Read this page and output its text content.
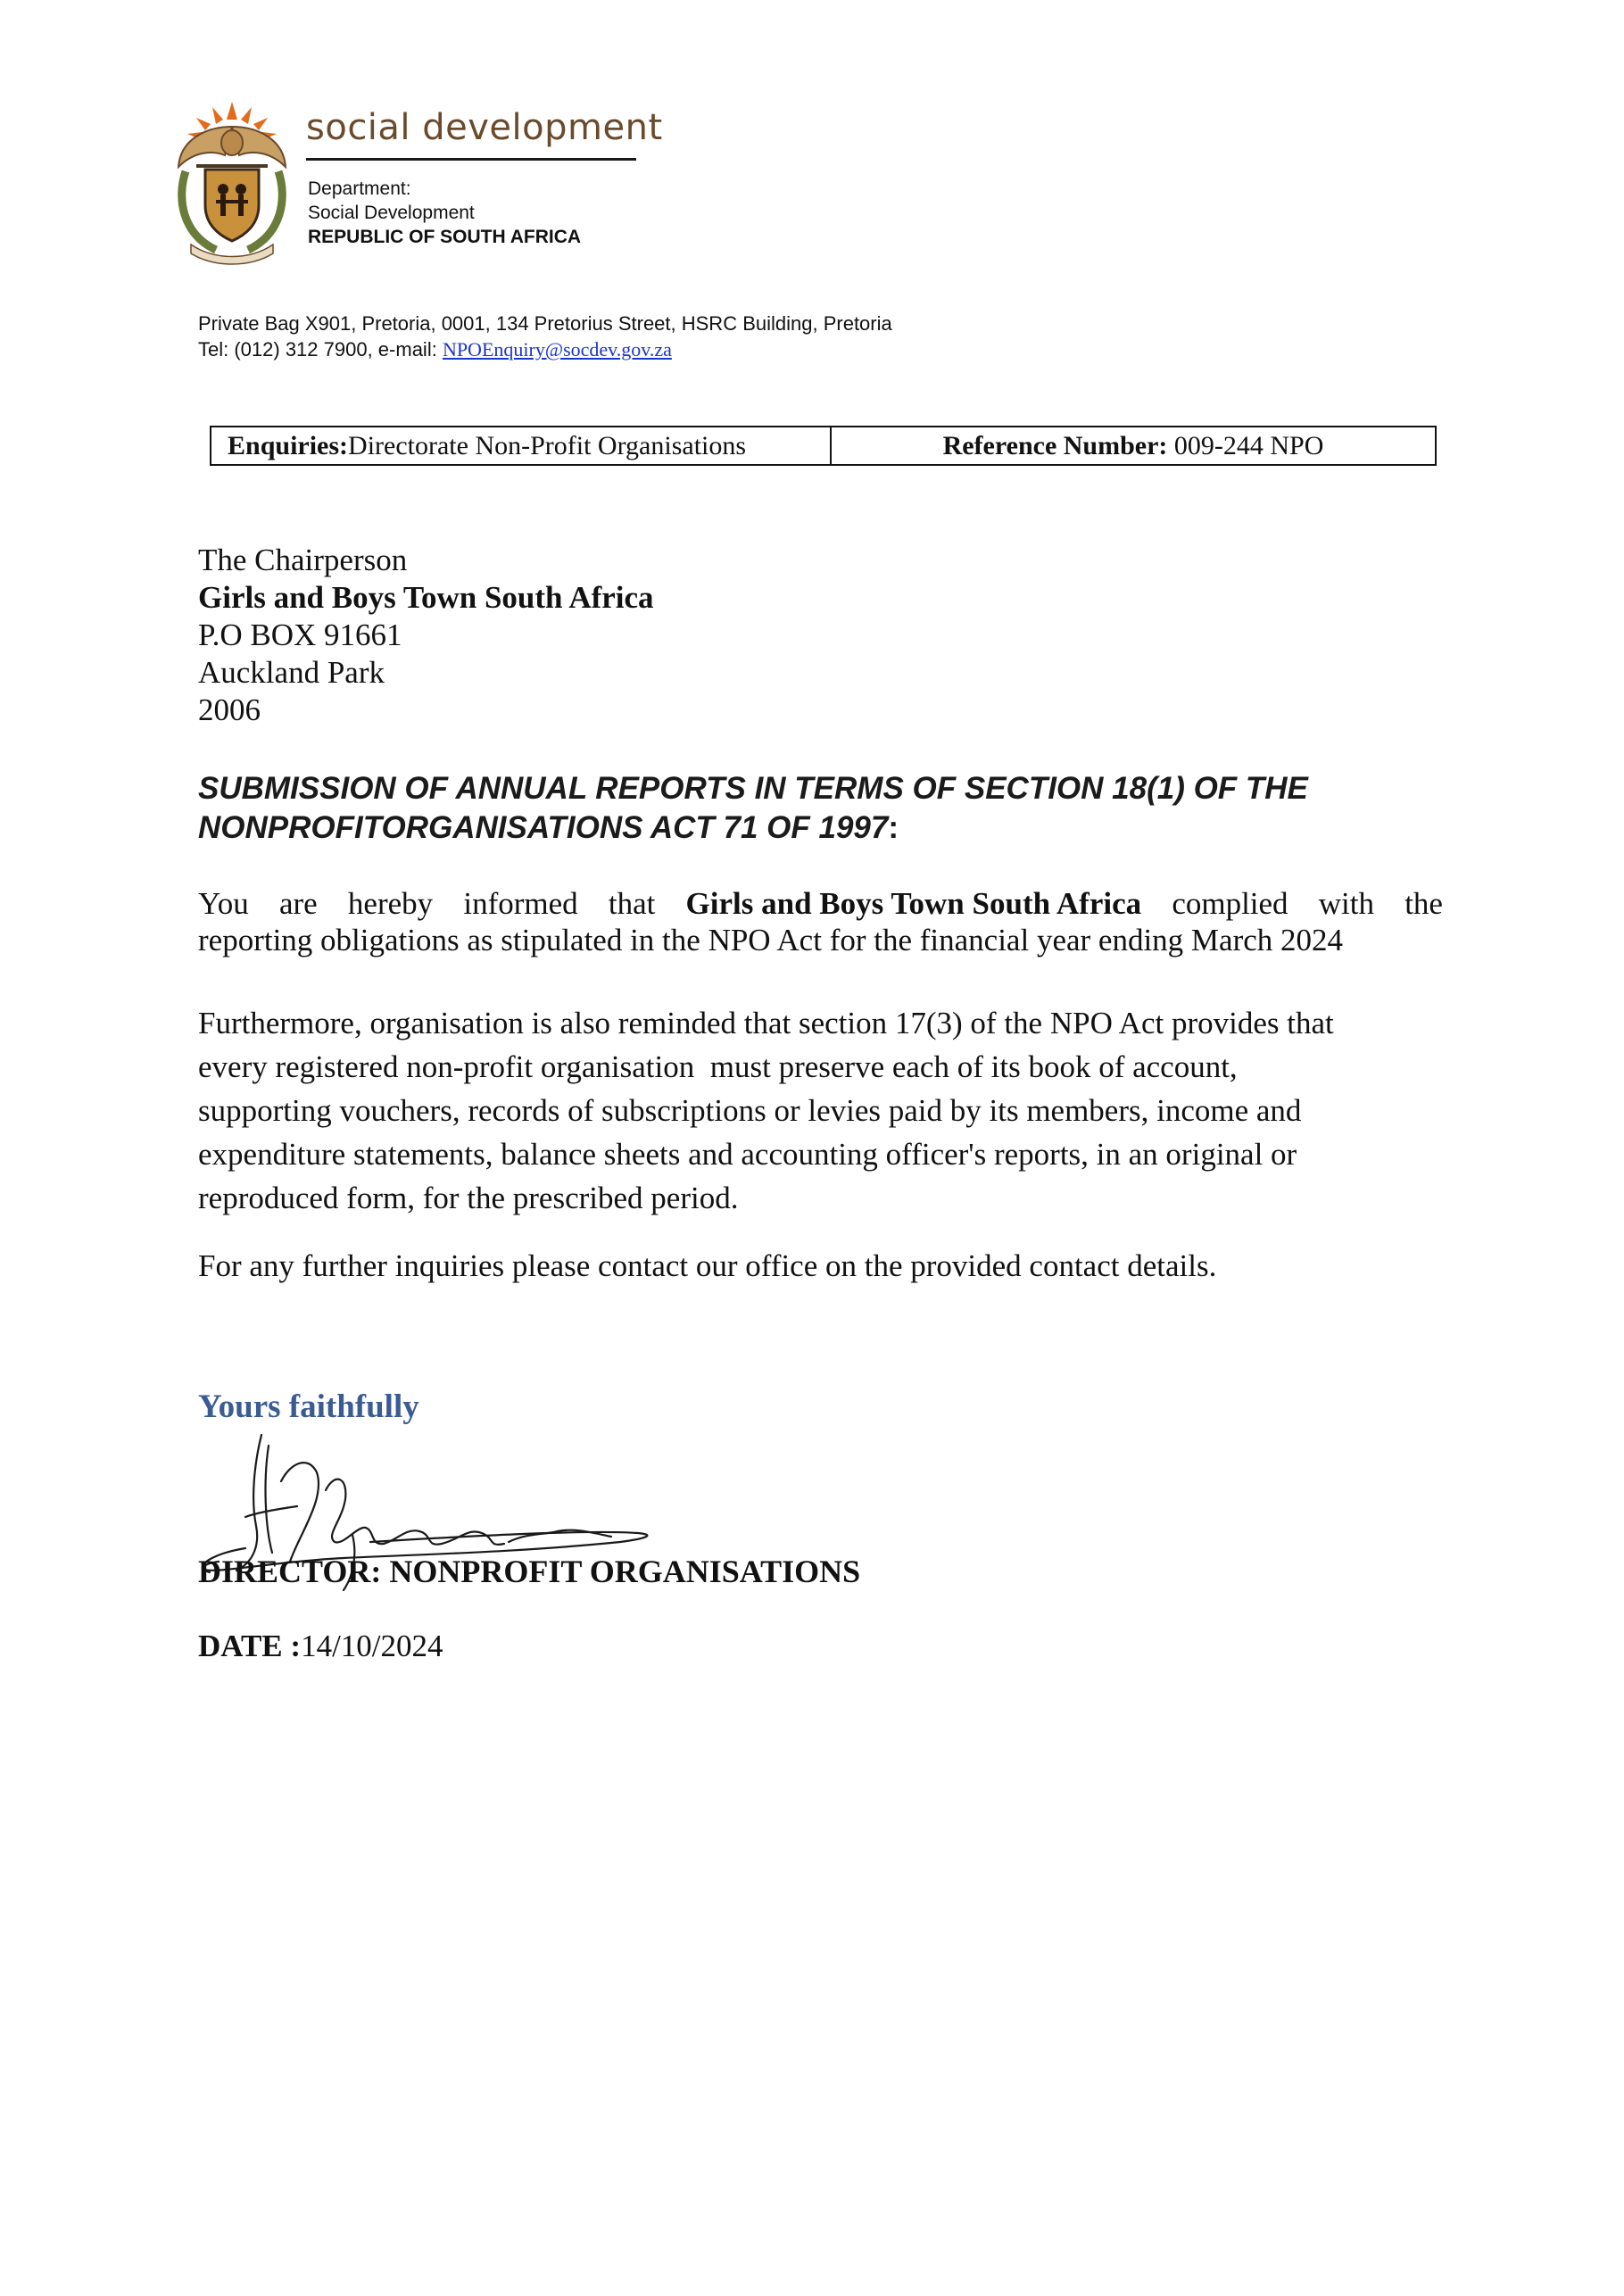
social development
Department:
Social Development
REPUBLIC OF SOUTH AFRICA
Private Bag X901, Pretoria, 0001, 134 Pretorius Street, HSRC Building, Pretoria
Tel: (012) 312 7900, e-mail: NPOEnquiry@socdev.gov.za
Enquiries: Directorate Non-Profit Organisations	Reference Number: 009-244 NPO
The Chairperson
Girls and Boys Town South Africa
P.O BOX 91661
Auckland Park
2006
SUBMISSION OF ANNUAL REPORTS IN TERMS OF SECTION 18(1) OF THE
NONPROFITORGANISATIONS ACT 71 OF 1997:
You are hereby informed that Girls and Boys Town South Africa complied with the
reporting obligations as stipulated in the NPO Act for the financial year ending March 2024
Furthermore, organisation is also reminded that section 17(3) of the NPO Act provides that
every registered non-profit organisation  must preserve each of its book of account,
supporting vouchers, records of subscriptions or levies paid by its members, income and
expenditure statements, balance sheets and accounting officer's reports, in an original or
reproduced form, for the prescribed period.
For any further inquiries please contact our office on the provided contact details.
Yours faithfully
DIRECTOR: NONPROFIT ORGANISATIONS
DATE :14/10/2024
